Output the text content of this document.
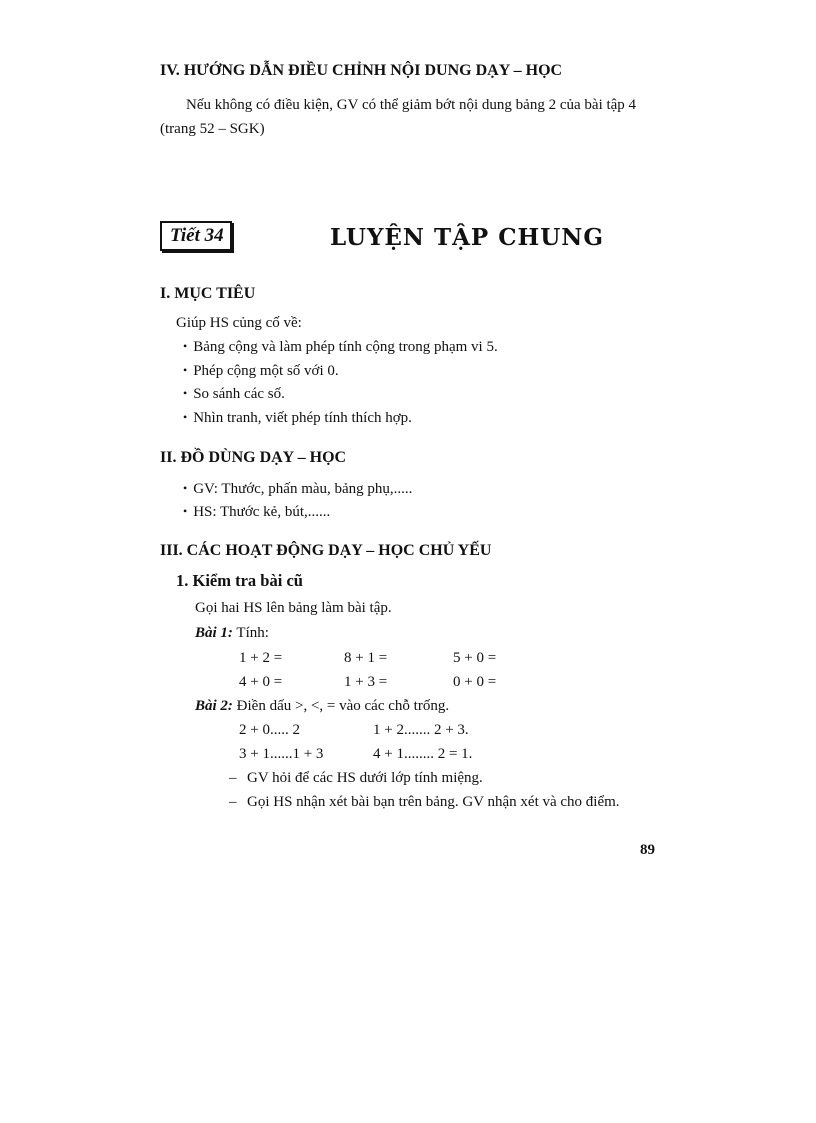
IV. HƯỚNG DẪN ĐIỀU CHỈNH NỘI DUNG DẠY – HỌC
Nếu không có điều kiện, GV có thể giảm bớt nội dung bảng 2 của bài tập 4
(trang 52 – SGK)
Tiết 34	LUYỆN TẬP CHUNG
I. MỤC TIÊU
Giúp HS củng cố về:
• Bảng cộng và làm phép tính cộng trong phạm vi 5.
• Phép cộng một số với 0.
• So sánh các số.
• Nhìn tranh, viết phép tính thích hợp.
II. ĐỒ DÙNG DẠY – HỌC
• GV: Thước, phấn màu, bảng phụ,.....
• HS: Thước kẻ, bút,......
III. CÁC HOẠT ĐỘNG DẠY – HỌC CHỦ YẾU
1. Kiểm tra bài cũ
Gọi hai HS lên bảng làm bài tập.
Bài 1: Tính:
1 + 2 =	8 + 1 =	5 + 0 =
4 + 0 =	1 + 3 =	0 + 0 =
Bài 2: Điền dấu >, <, = vào các chỗ trống.
2 + 0..... 2	1 + 2....... 2 + 3.
3 + 1......1 + 3	4 + 1........ 2 = 1.
– GV hỏi để các HS dưới lớp tính miệng.
– Gọi HS nhận xét bài bạn trên bảng. GV nhận xét và cho điểm.
89
